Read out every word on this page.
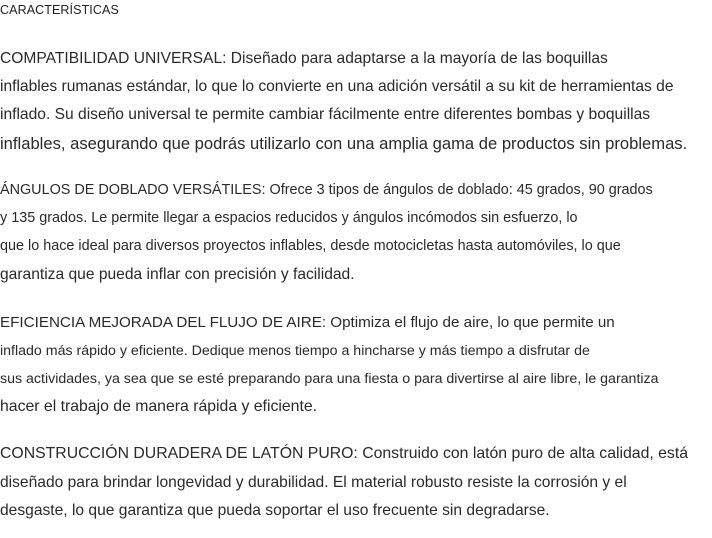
CARACTERÍSTICAS
COMPATIBILIDAD UNIVERSAL: Diseñado para adaptarse a la mayoría de las boquillas
inflables rumanas estándar, lo que lo convierte en una adición versátil a su kit de herramientas de
inflado. Su diseño universal te permite cambiar fácilmente entre diferentes bombas y boquillas
inflables, asegurando que podrás utilizarlo con una amplia gama de productos sin problemas.
ÁNGULOS DE DOBLADO VERSÁTILES: Ofrece 3 tipos de ángulos de doblado: 45 grados, 90 grados
y 135 grados. Le permite llegar a espacios reducidos y ángulos incómodos sin esfuerzo, lo
que lo hace ideal para diversos proyectos inflables, desde motocicletas hasta automóviles, lo que
garantiza que pueda inflar con precisión y facilidad.
EFICIENCIA MEJORADA DEL FLUJO DE AIRE: Optimiza el flujo de aire, lo que permite un
inflado más rápido y eficiente. Dedique menos tiempo a hincharse y más tiempo a disfrutar de
sus actividades, ya sea que se esté preparando para una fiesta o para divertirse al aire libre, le garantiza
hacer el trabajo de manera rápida y eficiente.
CONSTRUCCIÓN DURADERA DE LATÓN PURO: Construido con latón puro de alta calidad, está
diseñado para brindar longevidad y durabilidad. El material robusto resiste la corrosión y el
desgaste, lo que garantiza que pueda soportar el uso frecuente sin degradarse.
